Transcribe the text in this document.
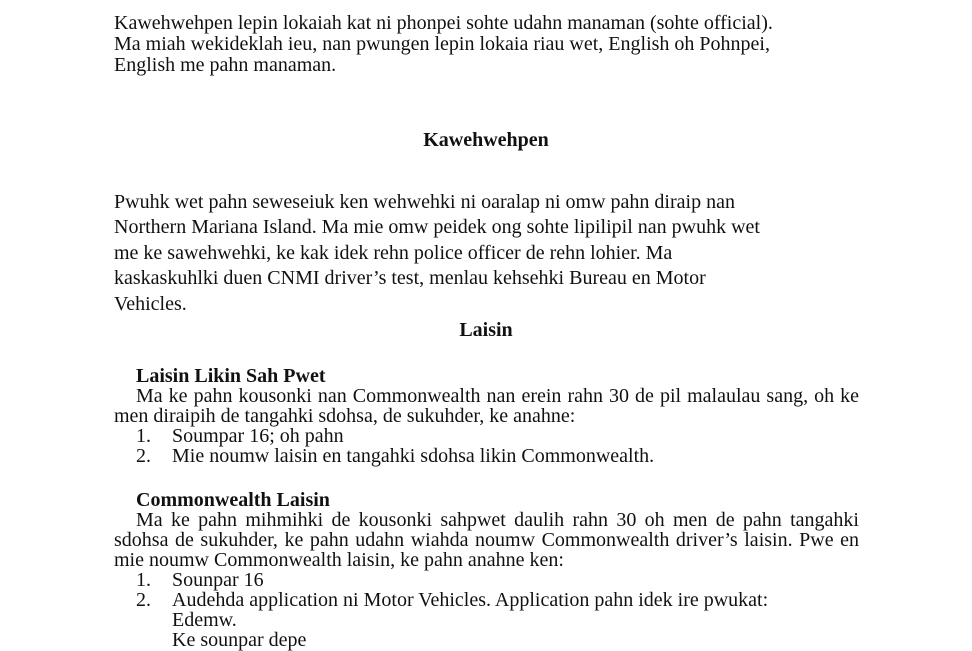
Kawehwehpen lepin lokaiah kat ni phonpei sohte udahn manaman (sohte official).

Ma miah wekideklah ieu, nan pwungen lepin lokaia riau wet, English oh Pohnpei,

English me pahn manaman.

Kawehwehpen
Pwuhk wet pahn seweseiuk ken wehwehki ni oaralap ni omw pahn diraip nan
Northern Mariana Island. Ma mie omw peidek ong sohte lipilipil nan pwuhk wet
me ke sawehwehki, ke kak idek rehn police officer de rehn lohier. Ma
kaskaskuhlki duen CNMI driver’s test, menlau kehsehki Bureau en Motor
Vehicles.
Laisin

Laisin Likin Sah Pwet

Ma ke pahn kousonki nan Commonwealth nan erein rahn 30 de pil malaulau sang, oh ke men diraipih de tangahki sdohsa, de sukuhder, ke anahne:

1.	Soumpar 16; oh pahn
2.	Mie noumw laisin en tangahki sdohsa likin Commonwealth.

Commonwealth Laisin

Ma ke pahn mihmihki de kousonki sahpwet daulih rahn 30 oh men de pahn tangahki sdohsa de sukuhder, ke pahn udahn wiahda noumw Commonwealth driver’s laisin. Pwe en mie noumw Commonwealth laisin, ke pahn anahne ken:

1.	Sounpar 16
2.	Audehda application ni Motor Vehicles. Application pahn idek ire pwukat:
Edemw.
Ke sounpar depe
